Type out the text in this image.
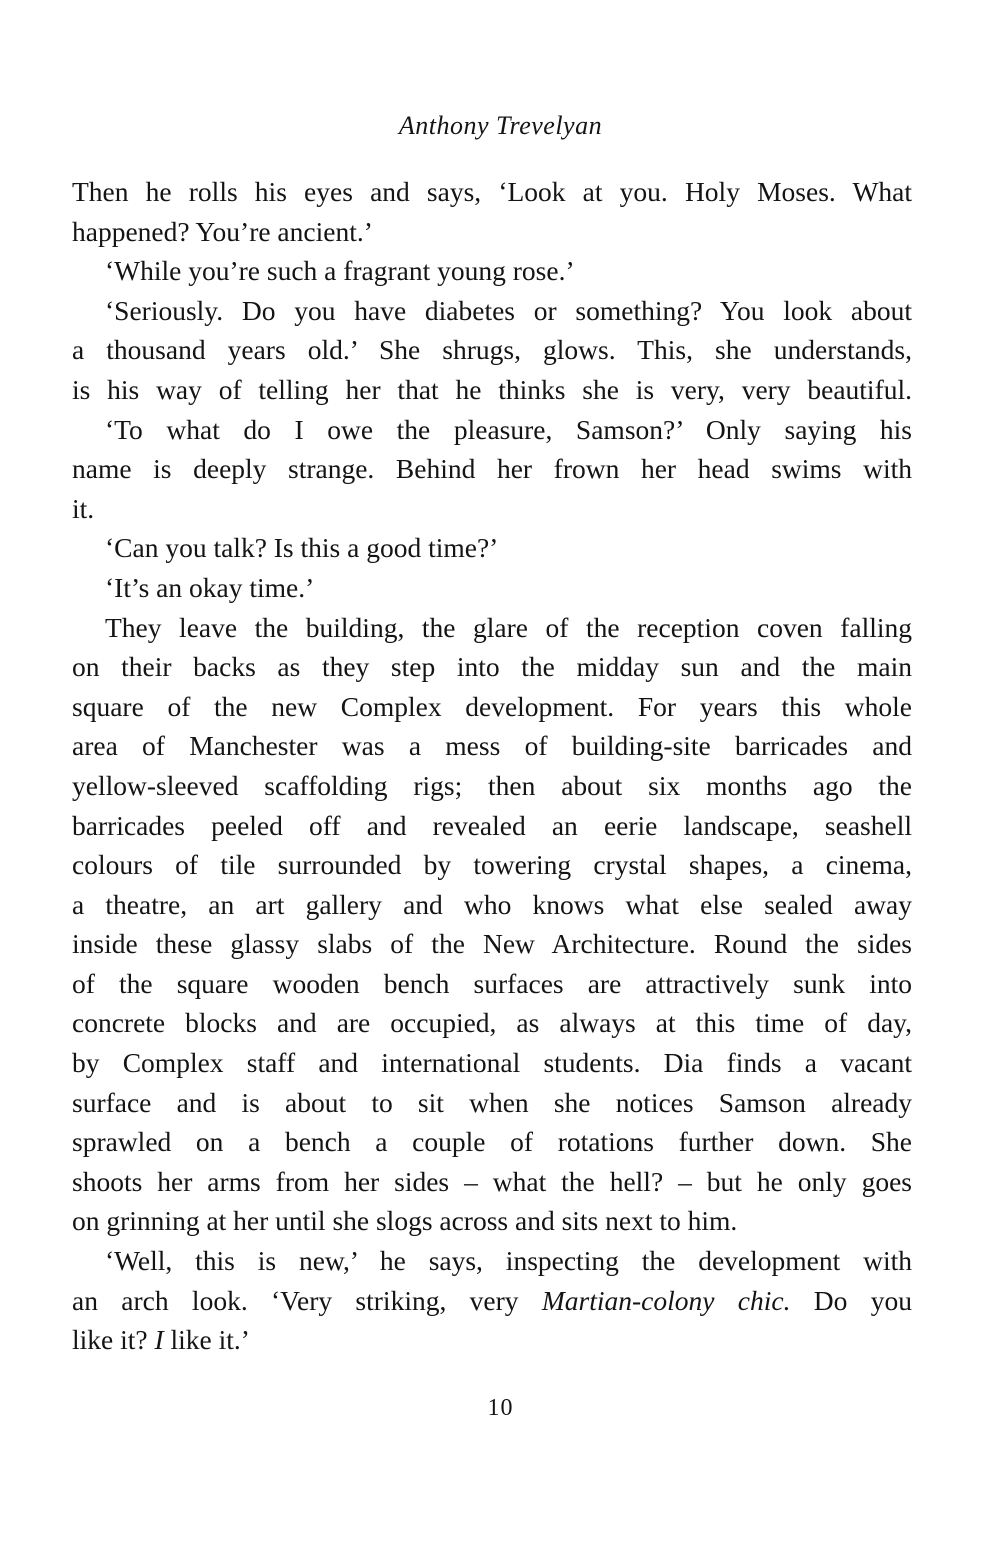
Anthony Trevelyan
Then he rolls his eyes and says, ‘Look at you. Holy Moses. What
happened? You’re ancient.’
‘While you’re such a fragrant young rose.’
‘Seriously. Do you have diabetes or something? You look about
a thousand years old.’ She shrugs, glows. This, she understands,
is his way of telling her that he thinks she is very, very beautiful.
‘To what do I owe the pleasure, Samson?’ Only saying his
name is deeply strange. Behind her frown her head swims with
it.
‘Can you talk? Is this a good time?’
‘It’s an okay time.’
They leave the building, the glare of the reception coven falling
on their backs as they step into the midday sun and the main
square of the new Complex development. For years this whole
area of Manchester was a mess of building-site barricades and
yellow-sleeved scaffolding rigs; then about six months ago the
barricades peeled off and revealed an eerie landscape, seashell
colours of tile surrounded by towering crystal shapes, a cinema,
a theatre, an art gallery and who knows what else sealed away
inside these glassy slabs of the New Architecture. Round the sides
of the square wooden bench surfaces are attractively sunk into
concrete blocks and are occupied, as always at this time of day,
by Complex staff and international students. Dia finds a vacant
surface and is about to sit when she notices Samson already
sprawled on a bench a couple of rotations further down. She
shoots her arms from her sides – what the hell? – but he only goes
on grinning at her until she slogs across and sits next to him.
‘Well, this is new,’ he says, inspecting the development with
an arch look. ‘Very striking, very Martian-colony chic. Do you
like it? I like it.’
10
